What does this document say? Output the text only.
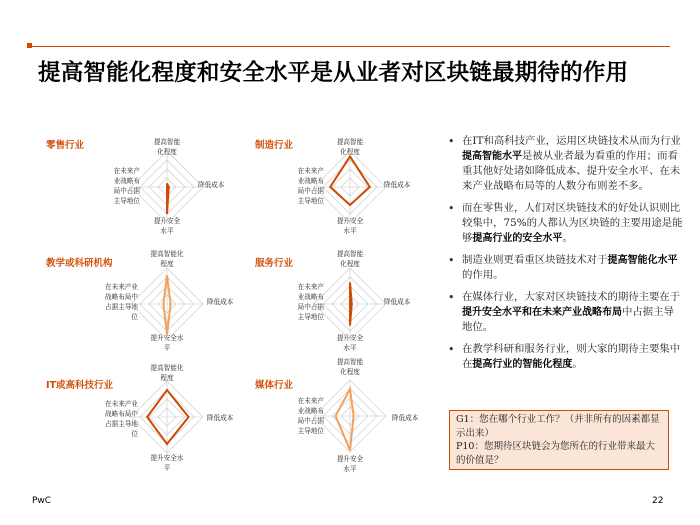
提高智能化程度和安全水平是从业者对区块链最期待的作用
零售行业	提高智能
化程度
降低成本
提升安全
水平
在未来产
业战略布
局中占据
主导地位
制造行业	提高智能
化程度
降低成本
提升安全
水平
在未来产
业战略布
局中占据
主导地位
教学或科研机构
提高智能化
程度
降低成本
提升安全水
平
在未来产业
战略布局中
占据主导地
位
服务行业
提高智能
化程度
降低成本
提升安全
水平
在未来产
业战略布
局中占据
主导地位
IT或高科技行业
提高智能化
程度
降低成本
提升安全水
平
在未来产业
战略布局中
占据主导地
位
媒体行业
提高智能
化程度
降低成本
提升安全
水平
在未来产
业战略布
局中占据
主导地位
• 在IT和高科技产业，运用区块链技术从而为行业提高智能水平是被从业者最为看重的作用；而看重其他好处诸如降低成本、提升安全水平、在未来产业战略布局等的人数分布则差不多。
• 而在零售业，人们对区块链技术的好处认识则比较集中，75%的人都认为区块链的主要用途是能够提高行业的安全水平。
• 制造业则更看重区块链技术对于提高智能化水平的作用。
• 在媒体行业，大家对区块链技术的期待主要在于提升安全水平和在未来产业战略布局中占据主导地位。
• 在教学科研和服务行业，则大家的期待主要集中在提高行业的智能化程度。

G1：您在哪个行业工作？（并非所有的因素都显示出来）

P10：您期待区块链会为您所在的行业带来最大的价值是？

PwC	22
